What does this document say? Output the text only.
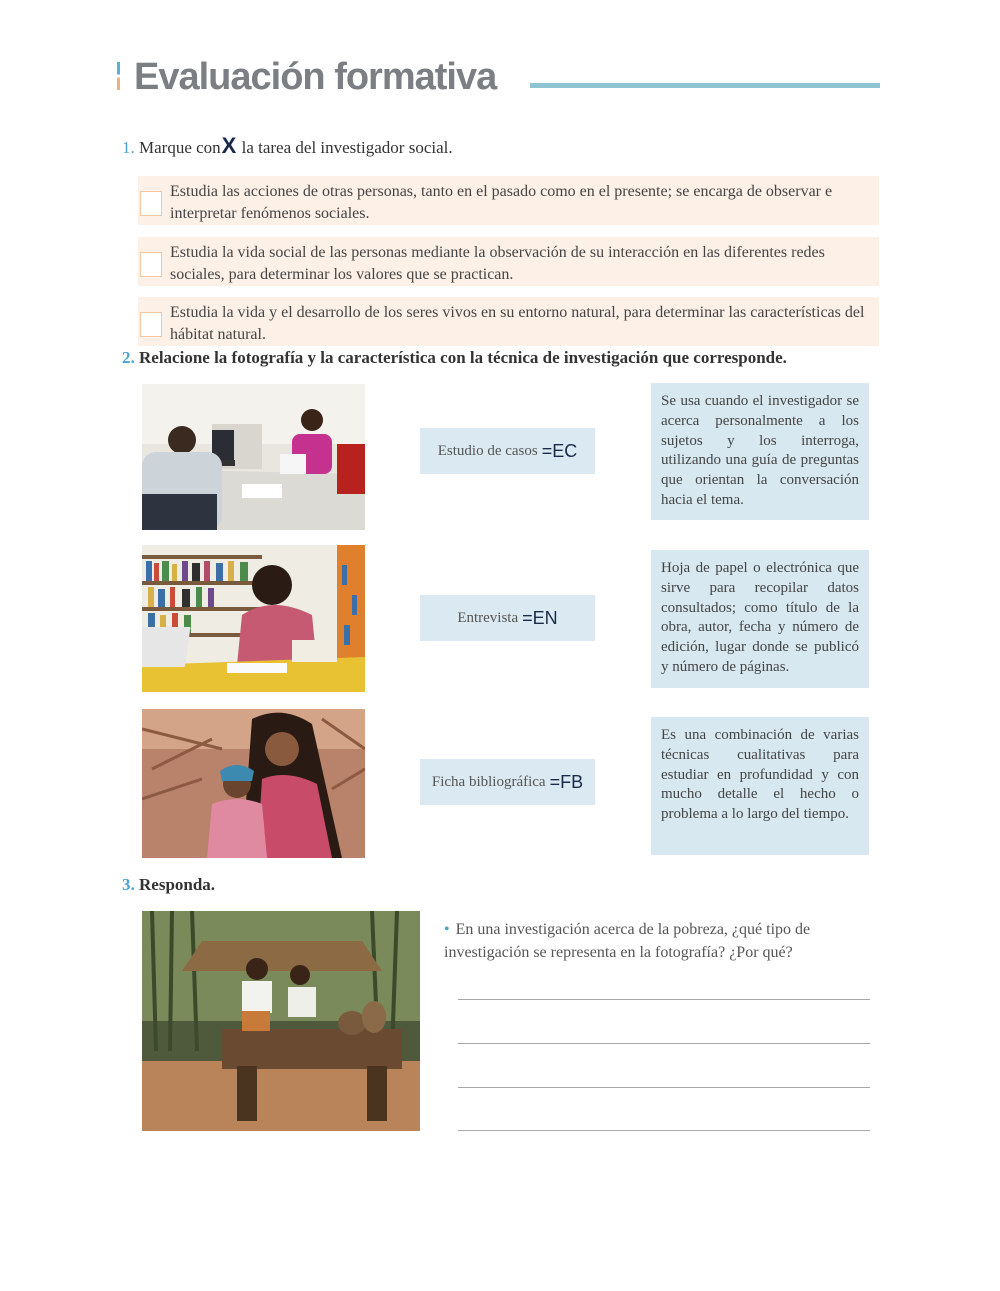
Evaluación formativa
1. Marque conX la tarea del investigador social.
Estudia las acciones de otras personas, tanto en el pasado como en el presente; se encarga de observar e interpretar fenómenos sociales.
Estudia la vida social de las personas mediante la observación de su interacción en las diferentes redes sociales, para determinar los valores que se practican.
Estudia la vida y el desarrollo de los seres vivos en su entorno natural, para determinar las características del hábitat natural.
2. Relacione la fotografía y la característica con la técnica de investigación que corresponde.
Estudio de casos =EC
Se usa cuando el investigador se acerca personalmente a los sujetos y los interroga, utilizando una guía de preguntas que orientan la conversación hacia el tema.
Entrevista =EN
Hoja de papel o electrónica que sirve para recopilar datos consultados; como título de la obra, autor, fecha y número de edición, lugar donde se publicó y número de páginas.
Ficha bibliográfica =FB
Es una combinación de varias técnicas cualitativas para estudiar en profundidad y con mucho detalle el hecho o problema a lo largo del tiempo.
3. Responda.
• En una investigación acerca de la pobreza, ¿qué tipo de investigación se representa en la fotografía? ¿Por qué?
